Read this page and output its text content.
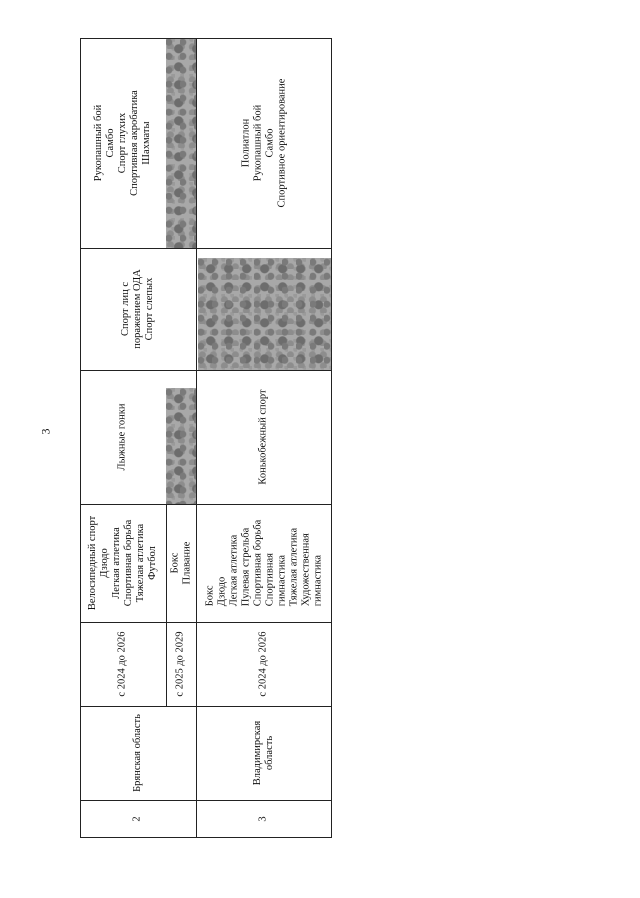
3
2
Брянская область
с 2024 до 2026
Велосипедный спорт Дзюдо Легкая атлетика Спортивная борьба Тяжелая атлетика Футбол
с 2025 до 2029
Бокс Плавание
Лыжные гонки
Спорт лиц с поражением ОДА Спорт слепых
Рукопашный бой Самбо Спорт глухих Спортивная акробатика Шахматы
3
Владимирская область
с 2024 до 2026
Бокс Дзюдо Легкая атлетика Пулевая стрельба Спортивная борьба Спортивная гимнастика Тяжелая атлетика Художественная гимнастика
Конькобежный спорт
Полиатлон Рукопашный бой Самбо Спортивное ориентирование
